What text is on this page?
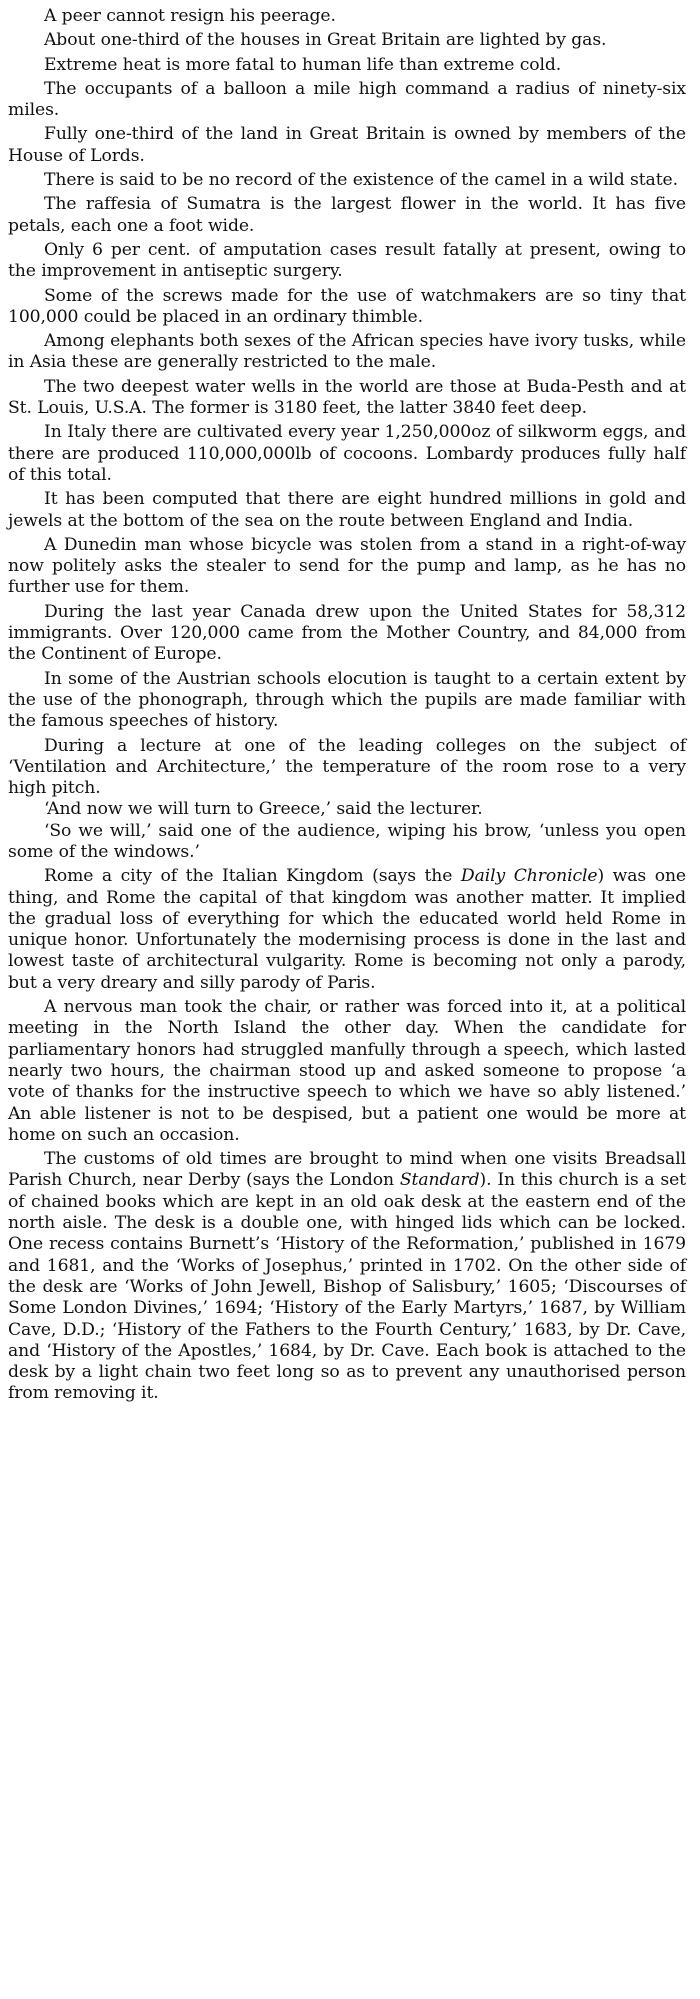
A peer cannot resign his peerage.

About one-third of the houses in Great Britain are lighted by gas.

Extreme heat is more fatal to human life than extreme cold.

The occupants of a balloon a mile high command a radius of ninety-six miles.

Fully one-third of the land in Great Britain is owned by members of the House of Lords.

There is said to be no record of the existence of the camel in a wild state.

The raffesia of Sumatra is the largest flower in the world. It has five petals, each one a foot wide.

Only 6 per cent. of amputation cases result fatally at present, owing to the improvement in antiseptic surgery.

Some of the screws made for the use of watchmakers are so tiny that 100,000 could be placed in an ordinary thimble.

Among elephants both sexes of the African species have ivory tusks, while in Asia these are generally restricted to the male.

The two deepest water wells in the world are those at Buda-Pesth and at St. Louis, U.S.A. The former is 3180 feet, the latter 3840 feet deep.

In Italy there are cultivated every year 1,250,000oz of silkworm eggs, and there are produced 110,000,000lb of cocoons. Lombardy produces fully half of this total.

It has been computed that there are eight hundred millions in gold and jewels at the bottom of the sea on the route between England and India.

A Dunedin man whose bicycle was stolen from a stand in a right-of-way now politely asks the stealer to send for the pump and lamp, as he has no further use for them.

During the last year Canada drew upon the United States for 58,312 immigrants. Over 120,000 came from the Mother Country, and 84,000 from the Continent of Europe.

In some of the Austrian schools elocution is taught to a certain extent by the use of the phonograph, through which the pupils are made familiar with the famous speeches of history.

During a lecture at one of the leading colleges on the subject of ‘Ventilation and Architecture,’ the temperature of the room rose to a very high pitch.

‘And now we will turn to Greece,’ said the lecturer.

‘So we will,’ said one of the audience, wiping his brow, ‘unless you open some of the windows.’

Rome a city of the Italian Kingdom (says the Daily Chronicle) was one thing, and Rome the capital of that kingdom was another matter. It implied the gradual loss of everything for which the educated world held Rome in unique honor. Unfortunately the modernising process is done in the last and lowest taste of architectural vulgarity. Rome is becoming not only a parody, but a very dreary and silly parody of Paris.

A nervous man took the chair, or rather was forced into it, at a political meeting in the North Island the other day. When the candidate for parliamentary honors had struggled manfully through a speech, which lasted nearly two hours, the chairman stood up and asked someone to propose ‘a vote of thanks for the instructive speech to which we have so ably listened.’ An able listener is not to be despised, but a patient one would be more at home on such an occasion.

The customs of old times are brought to mind when one visits Breadsall Parish Church, near Derby (says the London Standard). In this church is a set of chained books which are kept in an old oak desk at the eastern end of the north aisle. The desk is a double one, with hinged lids which can be locked. One recess contains Burnett’s ‘History of the Reformation,’ published in 1679 and 1681, and the ‘Works of Josephus,’ printed in 1702. On the other side of the desk are ‘Works of John Jewell, Bishop of Salisbury,’ 1605; ‘Discourses of Some London Divines,’ 1694; ‘History of the Early Martyrs,’ 1687, by William Cave, D.D.; ‘History of the Fathers to the Fourth Century,’ 1683, by Dr. Cave, and ‘History of the Apostles,’ 1684, by Dr. Cave. Each book is attached to the desk by a light chain two feet long so as to prevent any unauthorised person from removing it.
